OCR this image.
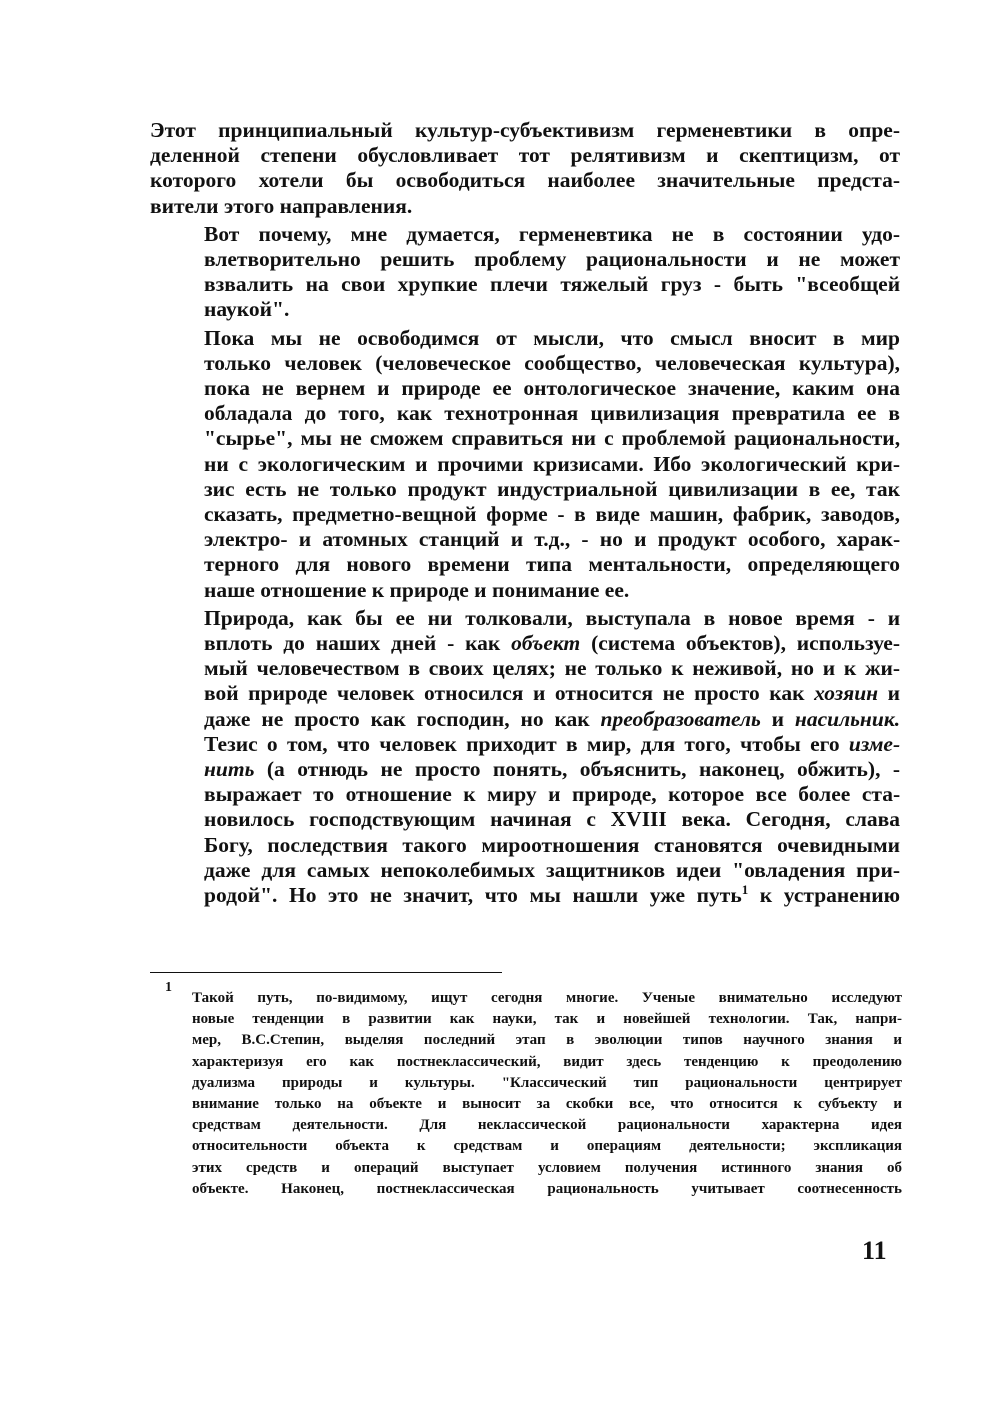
Этот принципиальный культур-субъективизм герменевтики в опре-
деленной степени обусловливает тот релятивизм и скептицизм, от
которого хотели бы освободиться наиболее значительные предста-
вители этого направления.

Вот почему, мне думается, герменевтика не в состоянии удо-
влетворительно решить проблему рациональности и не может
взвалить на свои хрупкие плечи тяжелый груз - быть "всеобщей
наукой".

Пока мы не освободимся от мысли, что смысл вносит в мир
только человек (человеческое сообщество, человеческая культура),
пока не вернем и природе ее онтологическое значение, каким она
обладала до того, как технотронная цивилизация превратила ее в
"сырье", мы не сможем справиться ни с проблемой рациональности,
ни с экологическим и прочими кризисами. Ибо экологический кри-
зис есть не только продукт индустриальной цивилизации в ее, так
сказать, предметно-вещной форме - в виде машин, фабрик, заводов,
электро- и атомных станций и т.д., - но и продукт особого, харак-
терного для нового времени типа ментальности, определяющего
наше отношение к природе и понимание ее.

Природа, как бы ее ни толковали, выступала в новое время - и
вплоть до наших дней - как объект (система объектов), используе-
мый человечеством в своих целях; не только к неживой, но и к жи-
вой природе человек относился и относится не просто как хозяин и
даже не просто как господин, но как преобразователь и насильник.
Тезис о том, что человек приходит в мир, для того, чтобы его изме-
нить (а отнюдь не просто понять, объяснить, наконец, обжить), -
выражает то отношение к миру и природе, которое все более ста-
новилось господствующим начиная с XVIII века. Сегодня, слава
Богу, последствия такого мироотношения становятся очевидными
даже для самых непоколебимых защитников идеи "овладения при-
родой". Но это не значит, что мы нашли уже путь$^1$ к устранению

1
Такой путь, по-видимому, ищут сегодня многие. Ученые внимательно исследуют
новые тенденции в развитии как науки, так и новейшей технологии. Так, напри-
мер, В.С.Степин, выделяя последний этап в эволюции типов научного знания и
характеризуя его как постнеклассический, видит здесь тенденцию к преодолению
дуализма природы и культуры. "Классический тип рациональности центрирует
внимание только на объекте и выносит за скобки все, что относится к субъекту и
средствам деятельности. Для неклассической рациональности характерна идея
относительности объекта к средствам и операциям деятельности; экспликация
этих средств и операций выступает условием получения истинного знания об
объекте. Наконец, постнеклассическая рациональность учитывает соотнесенность
11
